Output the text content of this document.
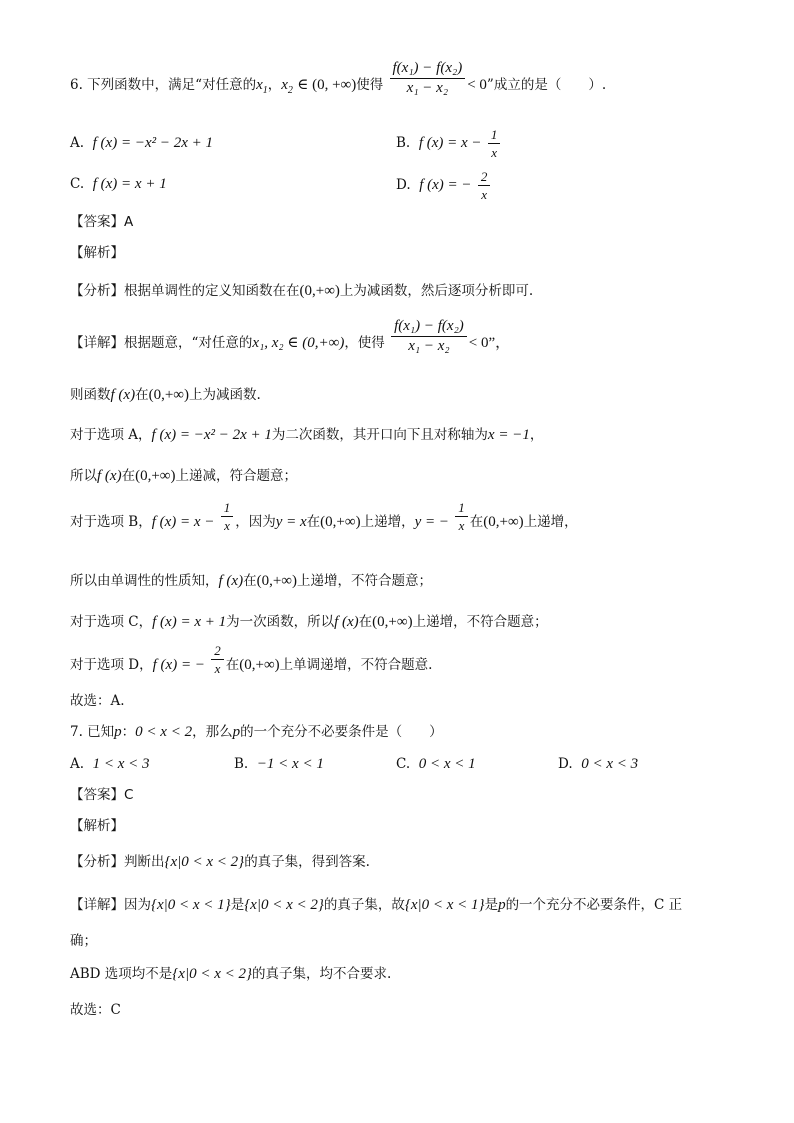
6. 下列函数中，满足“对任意的$x_1$，$x_2$ ∈ (0, +∞)使得 $\frac{\text{f(x₁) − f(x₂)}}{\text{x₁ − x₂}} < 0$”成立的是（　　）.
A. f (x) = −x² − 2x + 1	B. f $(x) = x - \frac{1}{x}$
C. f (x) = x + 1	D. f (x) = − $\frac{2}{x}$
【答案】A
【解析】
【分析】根据单调性的定义知函数在在(0,+∞)上为减函数，然后逐项分析即可.
【详解】根据题意，“对任意的x₁, x₂ ∈ (0,+∞)，使得 $\frac{\text{f(x₁) − f(x₂)}}{\text{x₁ − x₂}} < 0$”，
则函数f (x)在(0,+∞)上为减函数.
对于选项 A，f (x) = −x² − 2x + 1为二次函数，其开口向下且对称轴为x = −1，
所以f (x)在(0,+∞)上递减，符合题意；
对于选项 B，f $(x) = x - \frac{1}{x}$ ，因为y = x在(0,+∞)上递增，y = − $\frac{1}{x}$ 在(0,+∞)上递增，
所以由单调性的性质知，f (x)在(0,+∞)上递增，不符合题意；
对于选项 C，f (x) = x + 1为一次函数，所以f (x)在(0,+∞)上递增，不符合题意；
对于选项 D，f (x) = − $\frac{2}{x}$ 在(0,+∞)上单调递增，不符合题意.
故选：A.
7. 已知p：0 < x < 2，那么p的一个充分不必要条件是（　　）
A. 1 < x < 3	B. −1 < x < 1	C. 0 < x < 1	D. 0 < x < 3
【答案】C
【解析】
【分析】判断出{x|0 < x < 2}的真子集，得到答案.
【详解】因为{x|0 < x < 1}是{x|0 < x < 2}的真子集，故{x|0 < x < 1}是p的一个充分不必要条件，C 正
确；
ABD 选项均不是{x|0 < x < 2}的真子集，均不合要求.
故选：C
